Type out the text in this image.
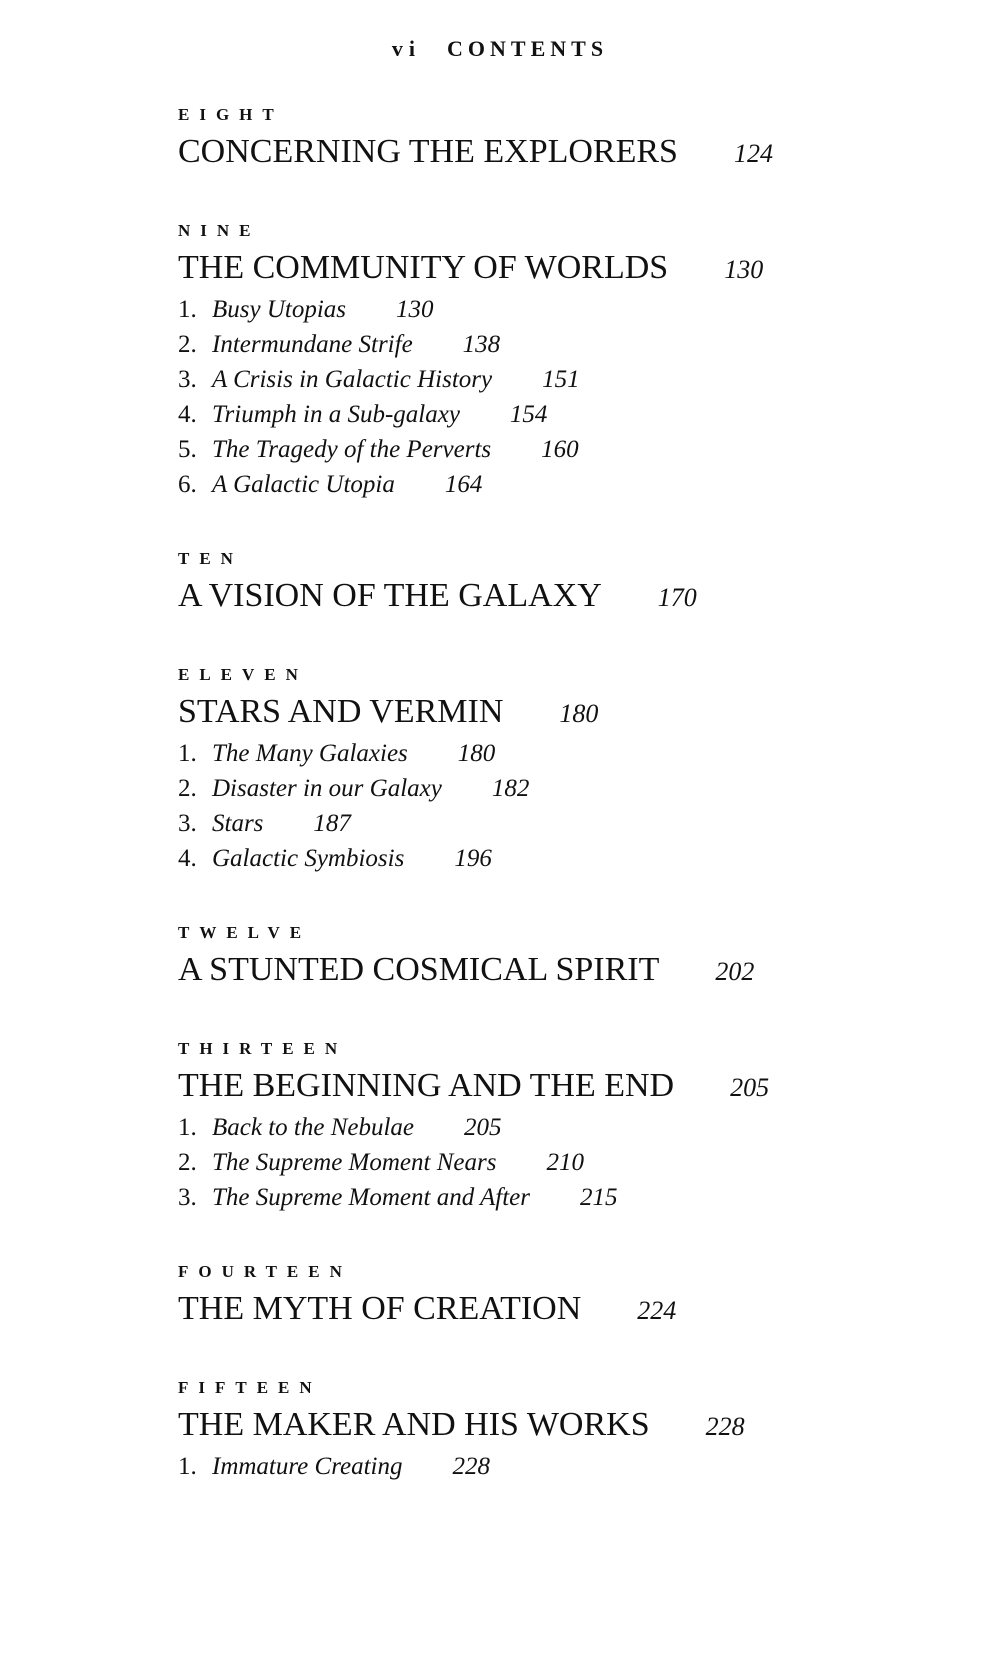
vi CONTENTS
EIGHT
CONCERNING THE EXPLORERS 124
NINE
THE COMMUNITY OF WORLDS 130
1. Busy Utopias 130
2. Intermundane Strife 138
3. A Crisis in Galactic History 151
4. Triumph in a Sub-galaxy 154
5. The Tragedy of the Perverts 160
6. A Galactic Utopia 164
TEN
A VISION OF THE GALAXY 170
ELEVEN
STARS AND VERMIN 180
1. The Many Galaxies 180
2. Disaster in our Galaxy 182
3. Stars 187
4. Galactic Symbiosis 196
TWELVE
A STUNTED COSMICAL SPIRIT 202
THIRTEEN
THE BEGINNING AND THE END 205
1. Back to the Nebulae 205
2. The Supreme Moment Nears 210
3. The Supreme Moment and After 215
FOURTEEN
THE MYTH OF CREATION 224
FIFTEEN
THE MAKER AND HIS WORKS 228
1. Immature Creating 228
